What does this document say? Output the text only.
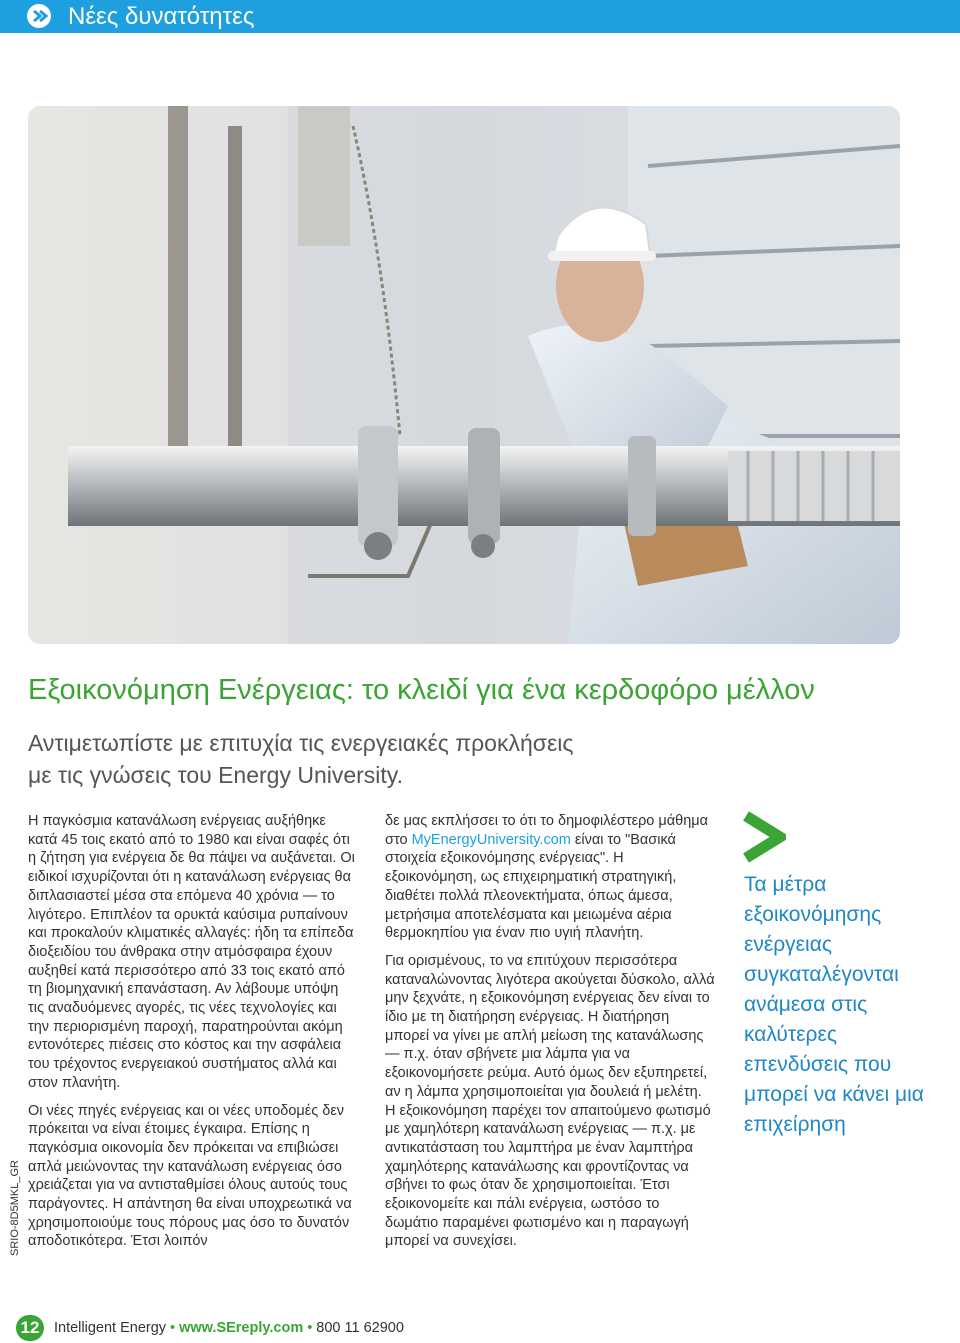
Νέες δυνατότητες
Εξοικονόμηση Ενέργειας: το κλειδί για ένα κερδοφόρο μέλλον
Αντιμετωπίστε με επιτυχία τις ενεργειακές προκλήσεις
με τις γνώσεις του Energy University.

Η παγκόσμια κατανάλωση ενέργειας αυξήθηκε κατά 45 τοις εκατό από το 1980 και είναι σαφές ότι η ζήτηση για ενέργεια δε θα πάψει να αυξάνεται. Οι ειδικοί ισχυρίζονται ότι η κατανάλωση ενέργειας θα διπλασιαστεί μέσα στα επόμενα 40 χρόνια — το λιγότερο. Επιπλέον τα ορυκτά καύσιμα ρυπαίνουν και προκαλούν κλιματικές αλλαγές: ήδη τα επίπεδα διοξειδίου του άνθρακα στην ατμόσφαιρα έχουν αυξηθεί κατά περισσότερο από 33 τοις εκατό από τη βιομηχανική επανάσταση. Αν λάβουμε υπόψη τις αναδυόμενες αγορές, τις νέες τεχνολογίες και την περιορισμένη παροχή, παρατηρούνται ακόμη εντονότερες πιέσεις στο κόστος και την ασφάλεια του τρέχοντος ενεργειακού συστήματος αλλά και στον πλανήτη.

Οι νέες πηγές ενέργειας και οι νέες υποδομές δεν πρόκειται να είναι έτοιμες έγκαιρα. Επίσης η παγκόσμια οικονομία δεν πρόκειται να επιβιώσει απλά μειώνοντας την κατανάλωση ενέργειας όσο χρειάζεται για να αντισταθμίσει όλους αυτούς τους παράγοντες. Η απάντηση θα είναι υποχρεωτικά να χρησιμοποιούμε τους πόρους μας όσο το δυνατόν αποδοτικότερα. Έτσι λοιπόν

δε μας εκπλήσσει το ότι το δημοφιλέστερο μάθημα στο MyEnergyUniversity.com είναι το "Βασικά στοιχεία εξοικονόμησης ενέργειας". Η εξοικονόμηση, ως επιχειρηματική στρατηγική, διαθέτει πολλά πλεονεκτήματα, όπως άμεσα, μετρήσιμα αποτελέσματα και μειωμένα αέρια θερμοκηπίου για έναν πιο υγιή πλανήτη.

Για ορισμένους, το να επιτύχουν περισσότερα καταναλώνοντας λιγότερα ακούγεται δύσκολο, αλλά μην ξεχνάτε, η εξοικονόμηση ενέργειας δεν είναι το ίδιο με τη διατήρηση ενέργειας. Η διατήρηση μπορεί να γίνει με απλή μείωση της κατανάλωσης — π.χ. όταν σβήνετε μια λάμπα για να εξοικονομήσετε ρεύμα. Αυτό όμως δεν εξυπηρετεί, αν η λάμπα χρησιμοποιείται για δουλειά ή μελέτη. Η εξοικονόμηση παρέχει τον απαιτούμενο φωτισμό με χαμηλότερη κατανάλωση ενέργειας — π.χ. με αντικατάσταση του λαμπτήρα με έναν λαμπτήρα χαμηλότερης κατανάλωσης και φροντίζοντας να σβήνει το φως όταν δε χρησιμοποιείται. Έτσι εξοικονομείτε και πάλι ενέργεια, ωστόσο το δωμάτιο παραμένει φωτισμένο και η παραγωγή μπορεί να συνεχίσει.

Τα μέτρα εξοικονόμησης ενέργειας συγκαταλέγονται ανάμεσα στις καλύτερες επενδύσεις που μπορεί να κάνει μια επιχείρηση
SRIO-8D5MKL_GR
12	Intelligent Energy • www.SEreply.com • 800 11 62900
